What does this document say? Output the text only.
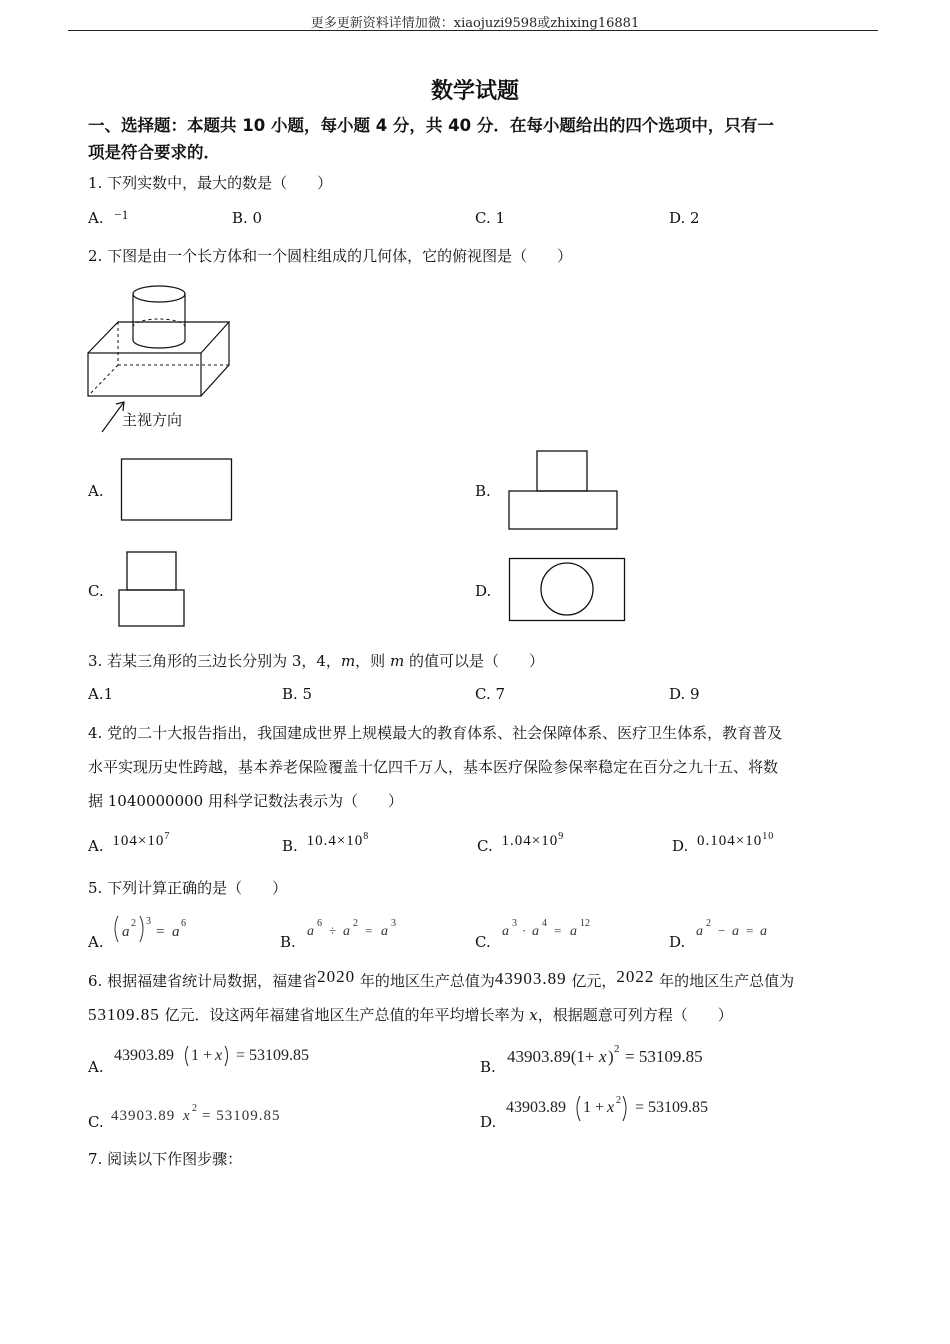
更多更新资料详情加微：xiaojuzi9598或zhixing16881
数学试题
一、选择题：本题共 10 小题，每小题 4 分，共 40 分．在每小题给出的四个选项中，只有一
项是符合要求的．
1. 下列实数中，最大的数是（　　）
A. −1	B. 0	C. 1	D. 2
2. 下图是由一个长方体和一个圆柱组成的几何体，它的俯视图是（　　）
主视方向
A.	B.
C.	D.
3. 若某三角形的三边长分别为 3，4，m，则 m 的值可以是（　　）
A.1	B. 5	C. 7	D. 9
4. 党的二十大报告指出，我国建成世界上规模最大的教育体系、社会保障体系、医疗卫生体系，教育普及
水平实现历史性跨越，基本养老保险覆盖十亿四千万人，基本医疗保险参保率稳定在百分之九十五、将数
据 1040000000 用科学记数法表示为（　　）
A. $104\times 10^7$
B. $10.4\times 10^8$
C. $1.04\times 10^9$
D. $0.104\times 10^{10}$
5. 下列计算正确的是（　　）
A.
a
2 3
= a
6
B.
a
6 ÷ a
2 = a
3
C.
a
3 · a
4 = a
12
D.
a
2 − a = a
6. 根据福建省统计局数据，福建省2020 年的地区生产总值为43903.89 亿元，2022 年的地区生产总值为
53109.85 亿元．设这两年福建省地区生产总值的年平均增长率为 x，根据题意可列方程（　　）
A.
43903.89 1 + x = 53109.85
B.
43903.89(1+ x ) 2 = 53109.85
C. 43903.89 x 2 = 53109.85	D.
43903.89 1 + x 2 = 53109.85
7. 阅读以下作图步骤：
